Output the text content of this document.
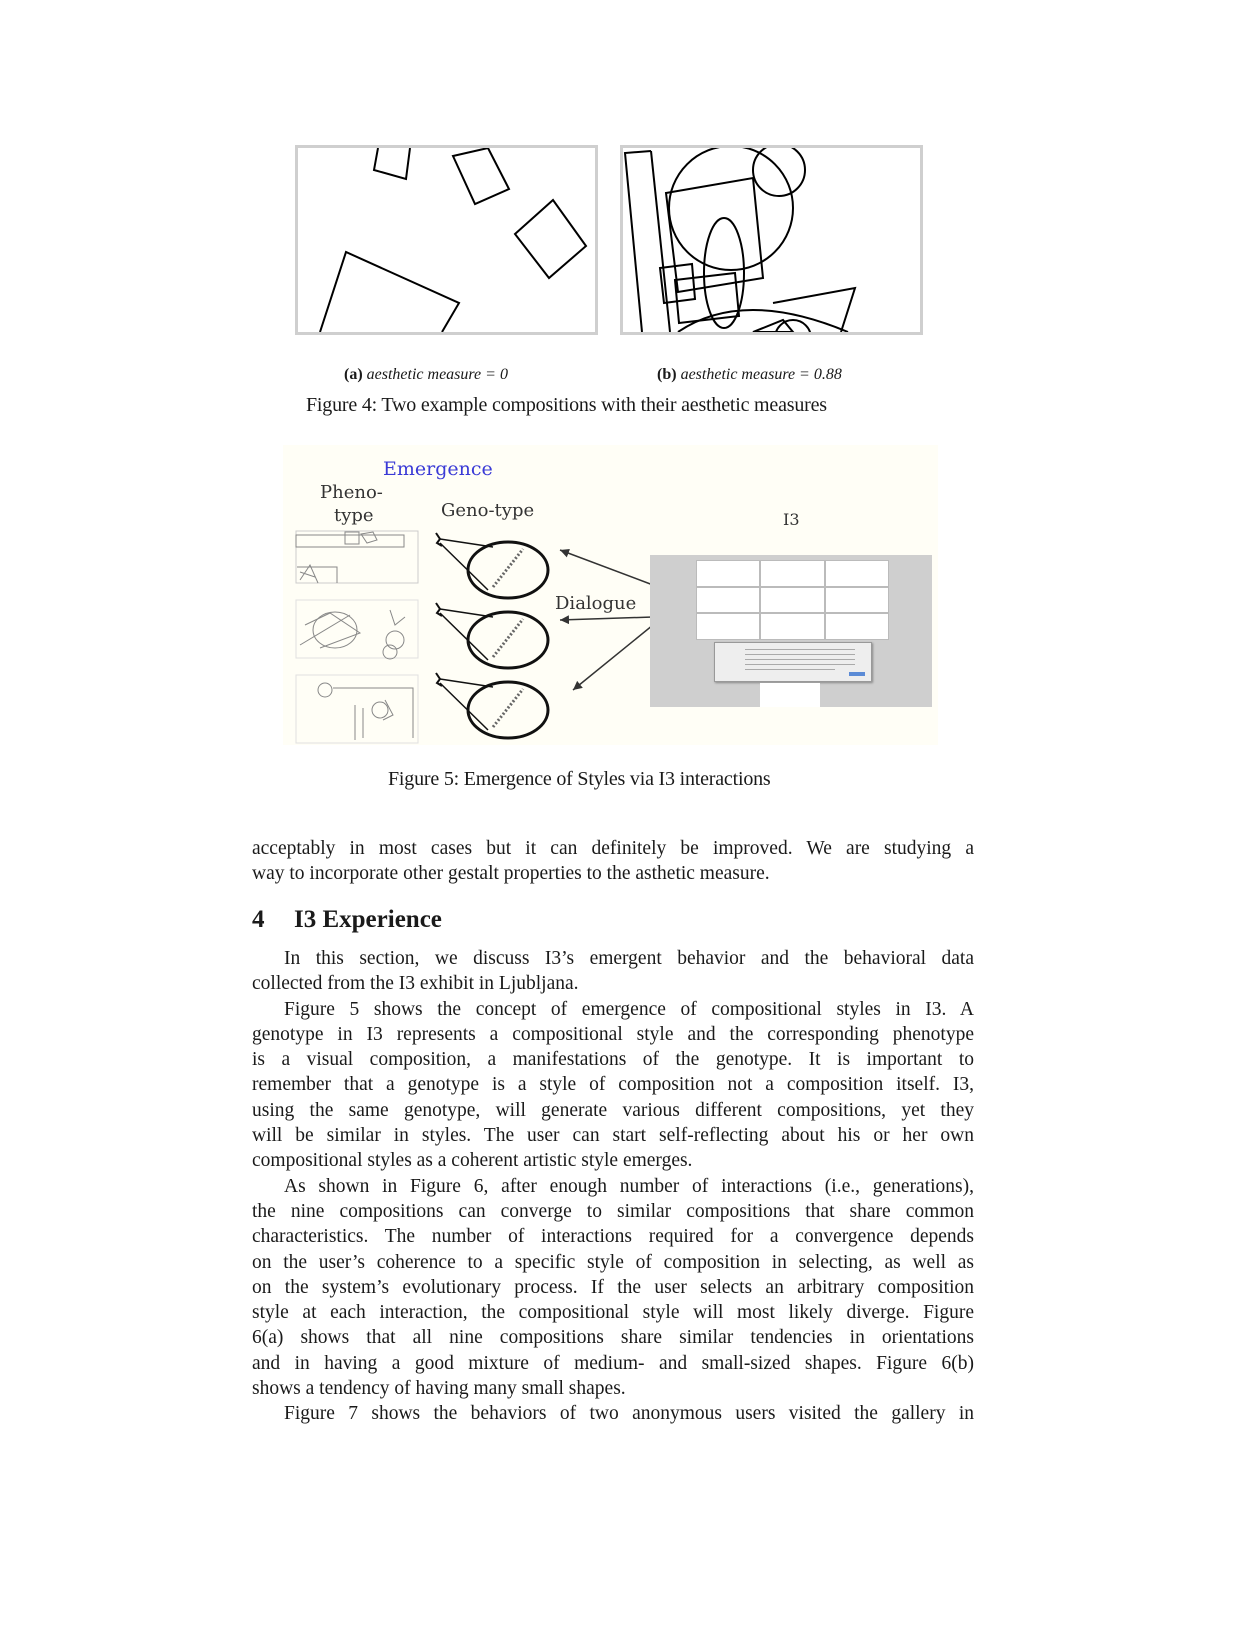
(a) aesthetic measure = 0	(b) aesthetic measure = 0.88
Figure 4: Two example compositions with their aesthetic measures
Emergence
Pheno-
type	Geno-type	I3
Dialogue
Figure 5: Emergence of Styles via I3 interactions

acceptably in most cases but it can definitely be improved. We are studying a

way to incorporate other gestalt properties to the asthetic measure.

4 I3 Experience

In this section, we discuss I3’s emergent behavior and the behavioral data

collected from the I3 exhibit in Ljubljana.

Figure 5 shows the concept of emergence of compositional styles in I3. A

genotype in I3 represents a compositional style and the corresponding phenotype

is a visual composition, a manifestations of the genotype. It is important to

remember that a genotype is a style of composition not a composition itself. I3,

using the same genotype, will generate various different compositions, yet they

will be similar in styles. The user can start self-reflecting about his or her own

compositional styles as a coherent artistic style emerges.

As shown in Figure 6, after enough number of interactions (i.e., generations),

the nine compositions can converge to similar compositions that share common

characteristics. The number of interactions required for a convergence depends

on the user’s coherence to a specific style of composition in selecting, as well as

on the system’s evolutionary process. If the user selects an arbitrary composition

style at each interaction, the compositional style will most likely diverge. Figure

6(a) shows that all nine compositions share similar tendencies in orientations

and in having a good mixture of medium- and small-sized shapes. Figure 6(b)

shows a tendency of having many small shapes.

Figure 7 shows the behaviors of two anonymous users visited the gallery in
